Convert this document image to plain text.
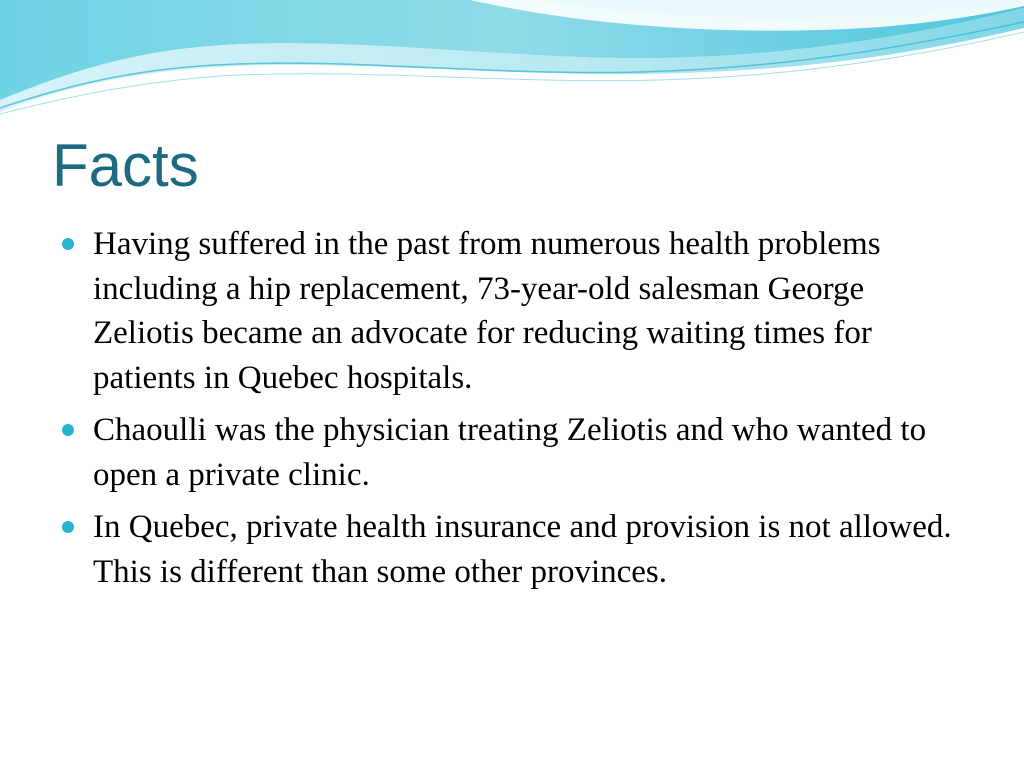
Facts
Having suffered in the past from numerous health problems including a hip replacement, 73-year-old salesman George Zeliotis became an advocate for reducing waiting times for patients in Quebec hospitals.
Chaoulli was the physician treating Zeliotis and who wanted to open a private clinic.
In Quebec, private health insurance and provision is not allowed. This is different than some other provinces.
